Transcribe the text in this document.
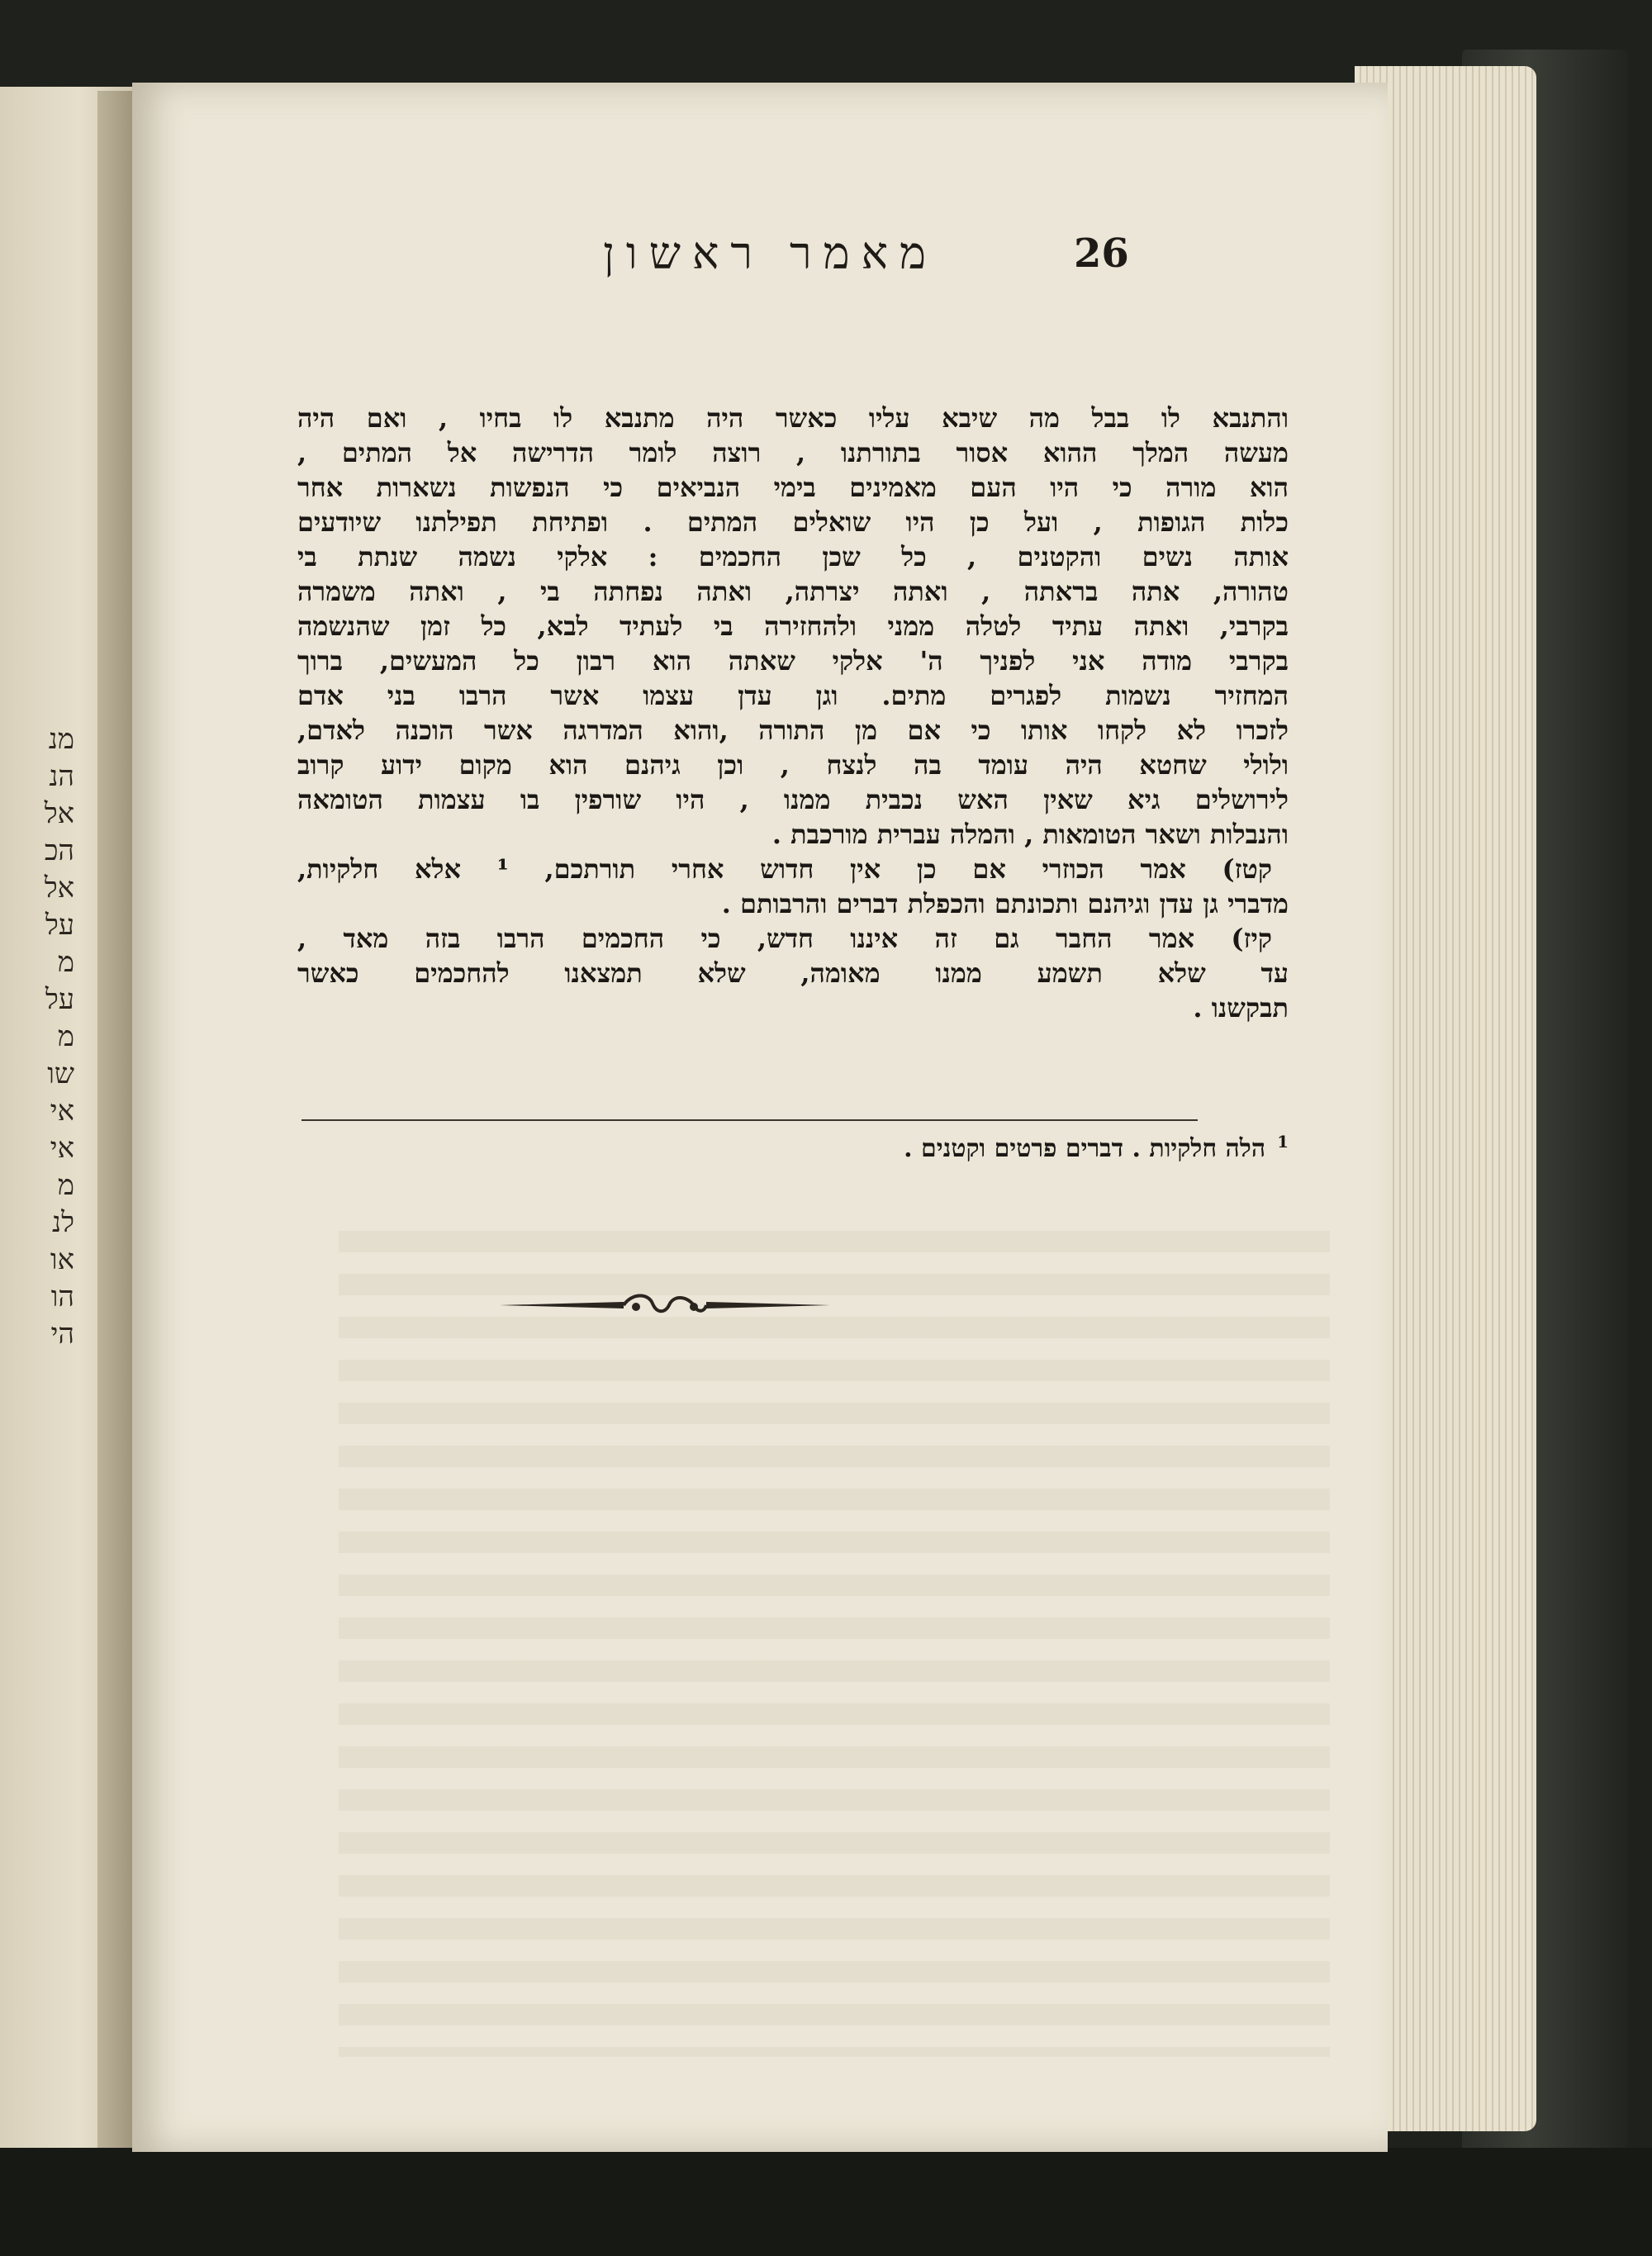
מנ
הנ
אל
הכ
אל
על
מ
על
מ
שו
אי
אי
מ
לנ
או
הו
הי
מאמר ראשון	26
והתנבא לו בבל מה שיבא עליו כאשר היה מתנבא לו בחיו , ואם היה
מעשה המלך ההוא אסור בתורתנו , רוצה לומר הדרישה אל המתים ,
הוא מורה כי היו העם מאמינים בימי הנביאים כי הנפשות נשארות אחר
כלות הגופות , ועל כן היו שואלים המתים . ופתיחת תפילתנו שיודעים
אותה נשים והקטנים , כל שכן החכמים : אלקי נשמה שנתת בי
טהורה, אתה בראתה , ואתה יצרתה, ואתה נפחתה בי , ואתה משמרה
בקרבי, ואתה עתיד לטלה ממני ולהחזירה בי לעתיד לבא, כל זמן שהנשמה
בקרבי מודה אני לפניך ה' אלקי שאתה הוא רבון כל המעשים, ברוך
המחזיר נשמות לפגרים מתים. וגן עדן עצמו אשר הרבו בני אדם
לזכרו לא לקחו אותו כי אם מן התורה ,והוא המדרגה אשר הוכנה לאדם,
ולולי שחטא היה עומד בה לנצח , וכן גיהנם הוא מקום ידוע קרוב
לירושלים גיא שאין האש נכבית ממנו , היו שורפין בו עצמות הטומאה
והנבלות ושאר הטומאות , והמלה עברית מורכבת .
קטז) אמר הכוזרי אם כן אין חדוש אחרי תורתכם, ¹ אלא חלקיות,
מדברי גן עדן וגיהנם ותכונתם והכפלת דברים והרבותם .
קיז) אמר החבר גם זה איננו חדש, כי החכמים הרבו בזה מאד ,
עד שלא תשמע ממנו מאומה, שלא תמצאנו להחכמים כאשר
תבקשנו .
$^1$הלה חלקיות . דברים פרטים וקטנים .
